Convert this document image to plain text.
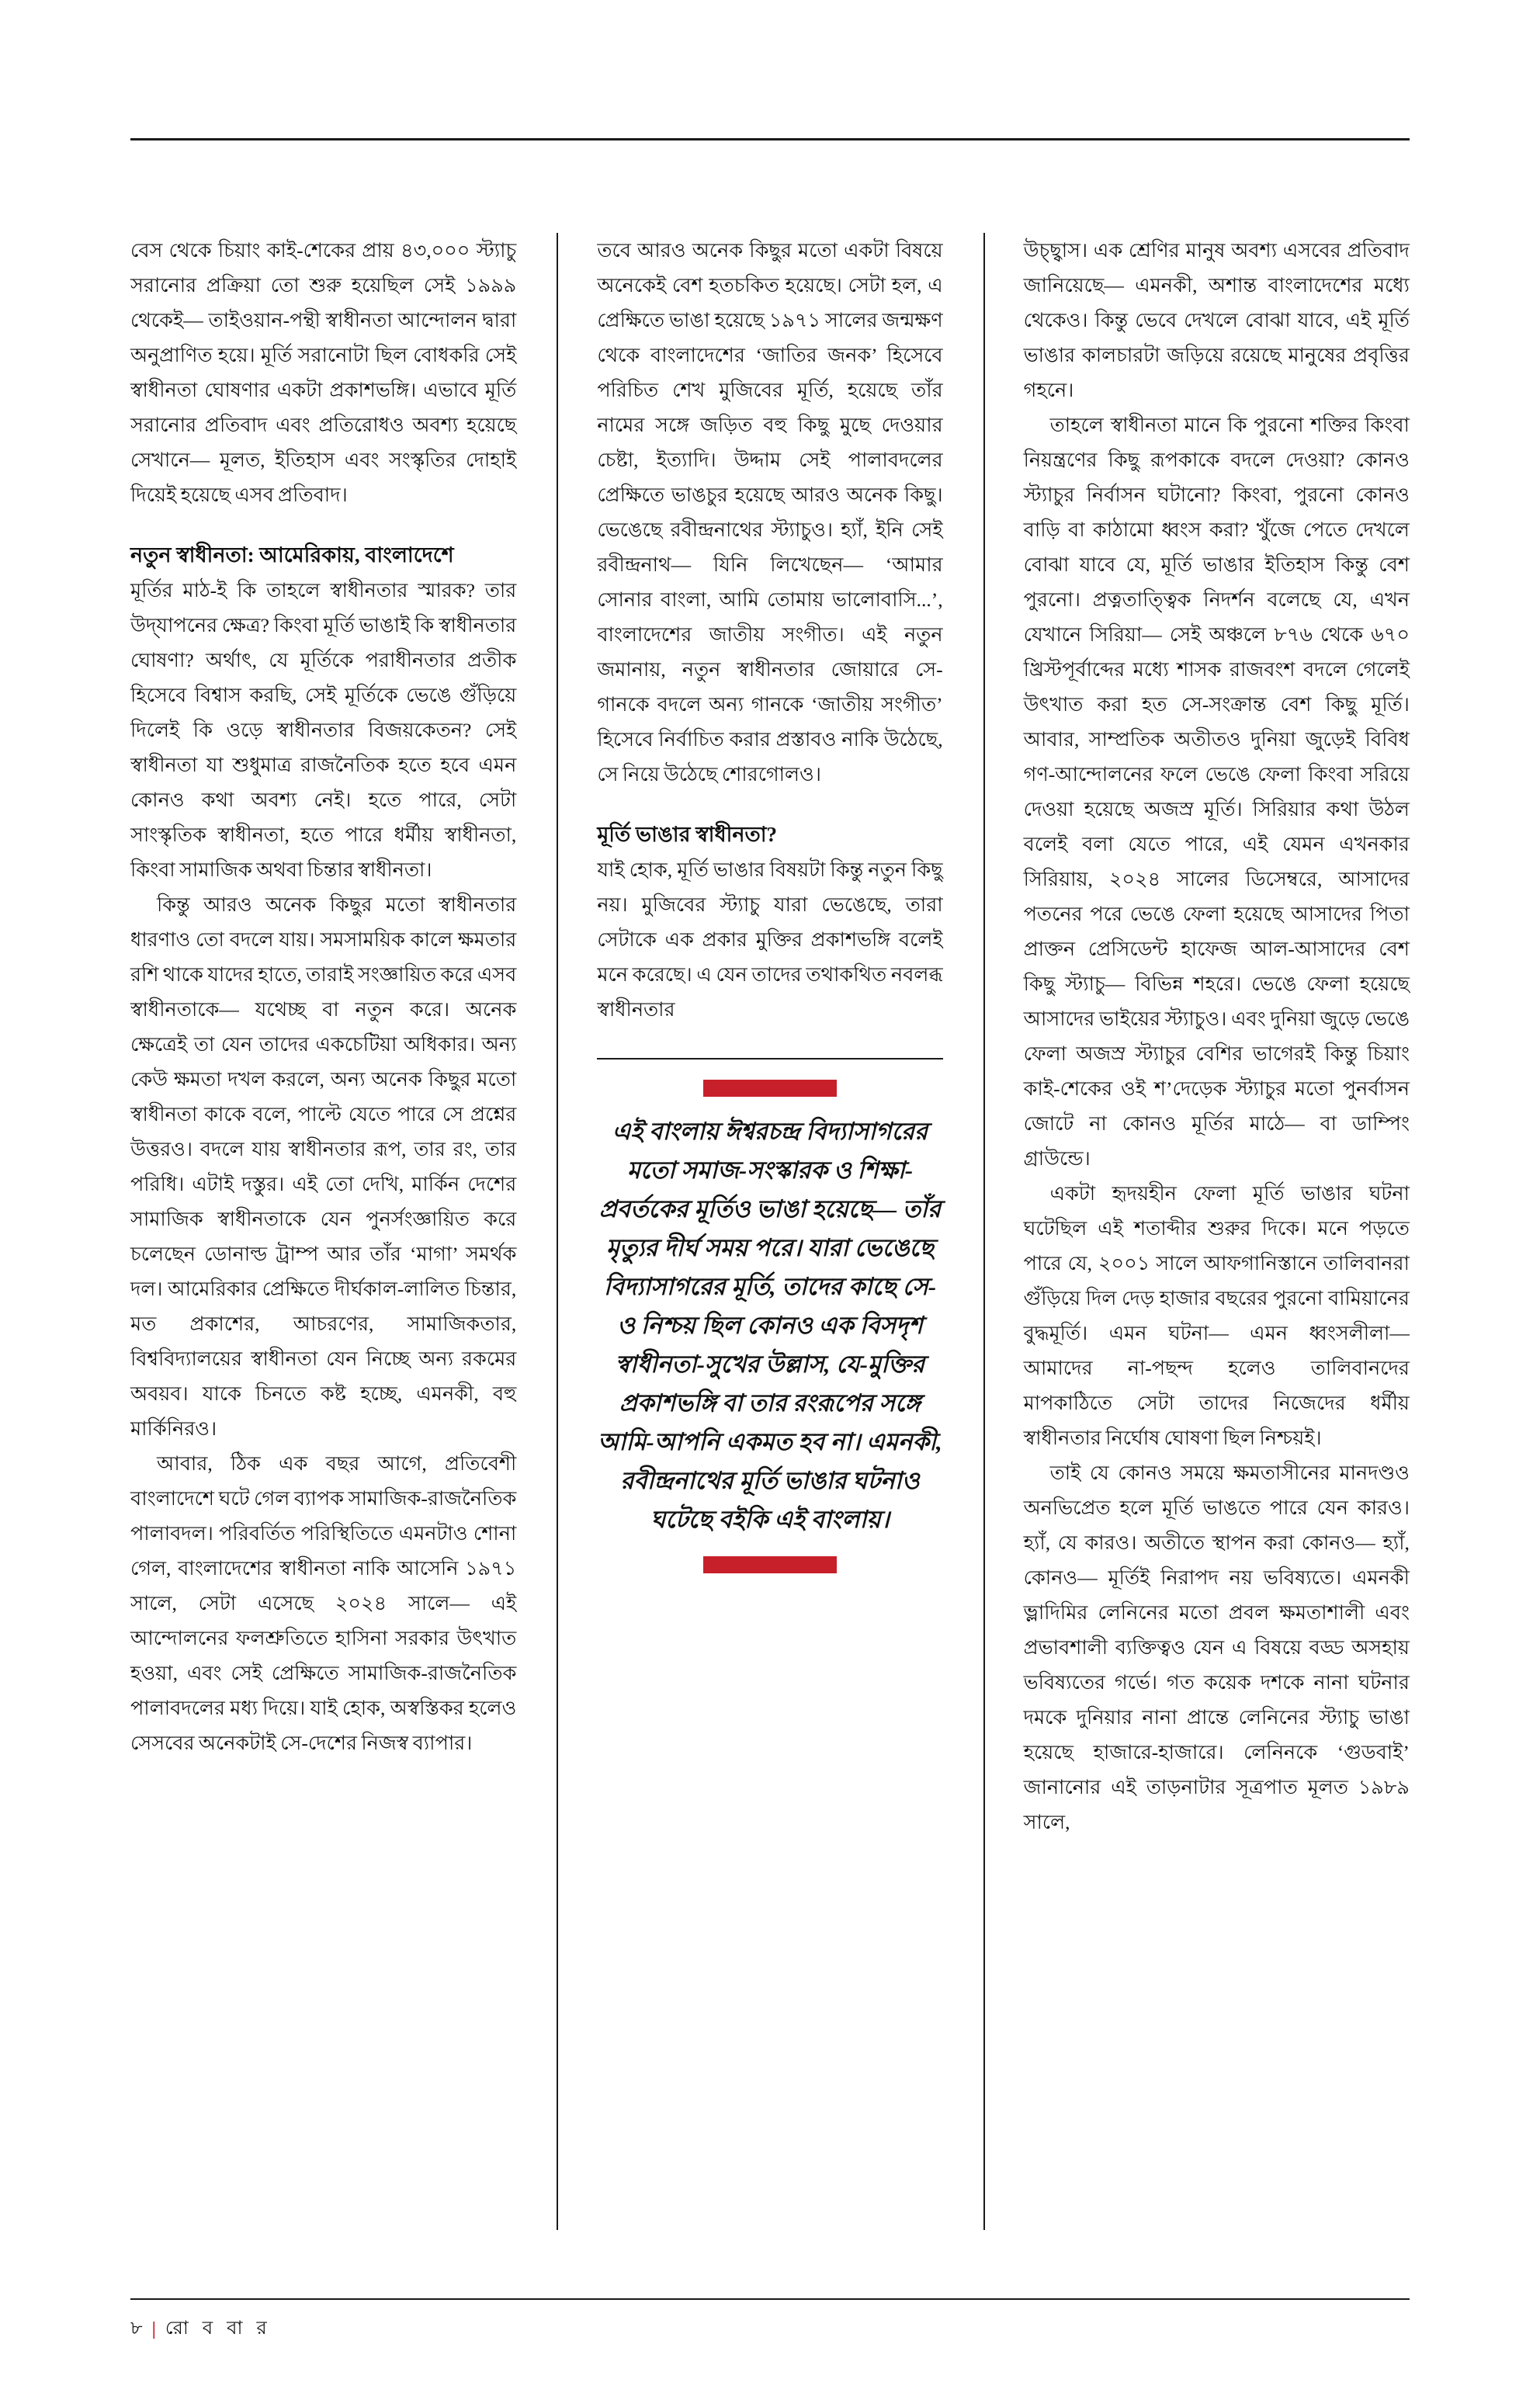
বেস থেকে চিয়াং কাই-শেকের প্রায় ৪৩,০০০ স্ট্যাচু সরানোর প্রক্রিয়া তো শুরু হয়েছিল সেই ১৯৯৯ থেকেই— তাইওয়ান-পন্থী স্বাধীনতা আন্দোলন দ্বারা অনুপ্রাণিত হয়ে। মূর্তি সরানোটা ছিল বোধকরি সেই স্বাধীনতা ঘোষণার একটা প্রকাশভঙ্গি। এভাবে মূর্তি সরানোর প্রতিবাদ এবং প্রতিরোধও অবশ্য হয়েছে সেখানে— মূলত, ইতিহাস এবং সংস্কৃতির দোহাই দিয়েই হয়েছে এসব প্রতিবাদ।

নতুন স্বাধীনতা: আমেরিকায়, বাংলাদেশে

মূর্তির মাঠ-ই কি তাহলে স্বাধীনতার স্মারক? তার উদ্‌যাপনের ক্ষেত্র? কিংবা মূর্তি ভাঙাই কি স্বাধীনতার ঘোষণা? অর্থাৎ, যে মূর্তিকে পরাধীনতার প্রতীক হিসেবে বিশ্বাস করছি, সেই মূর্তিকে ভেঙে গুঁড়িয়ে দিলেই কি ওড়ে স্বাধীনতার বিজয়কেতন? সেই স্বাধীনতা যা শুধুমাত্র রাজনৈতিক হতে হবে এমন কোনও কথা অবশ্য নেই। হতে পারে, সেটা সাংস্কৃতিক স্বাধীনতা, হতে পারে ধর্মীয় স্বাধীনতা, কিংবা সামাজিক অথবা চিন্তার স্বাধীনতা।

কিন্তু আরও অনেক কিছুর মতো স্বাধীনতার ধারণাও তো বদলে যায়। সমসাময়িক কালে ক্ষমতার রশি থাকে যাদের হাতে, তারাই সংজ্ঞায়িত করে এসব স্বাধীনতাকে— যথেচ্ছ বা নতুন করে। অনেক ক্ষেত্রেই তা যেন তাদের একচেটিয়া অধিকার। অন্য কেউ ক্ষমতা দখল করলে, অন্য অনেক কিছুর মতো স্বাধীনতা কাকে বলে, পাল্টে যেতে পারে সে প্রশ্নের উত্তরও। বদলে যায় স্বাধীনতার রূপ, তার রং, তার পরিধি। এটাই দস্তুর। এই তো দেখি, মার্কিন দেশের সামাজিক স্বাধীনতাকে যেন পুনর্সংজ্ঞায়িত করে চলেছেন ডোনাল্ড ট্রাম্প আর তাঁর ‘মাগা’ সমর্থক দল। আমেরিকার প্রেক্ষিতে দীর্ঘকাল-লালিত চিন্তার, মত প্রকাশের, আচরণের, সামাজিকতার, বিশ্ববিদ্যালয়ের স্বাধীনতা যেন নিচ্ছে অন্য রকমের অবয়ব। যাকে চিনতে কষ্ট হচ্ছে, এমনকী, বহু মার্কিনিরও।

আবার, ঠিক এক বছর আগে, প্রতিবেশী বাংলাদেশে ঘটে গেল ব্যাপক সামাজিক-রাজনৈতিক পালাবদল। পরিবর্তিত পরিস্থিতিতে এমনটাও শোনা গেল, বাংলাদেশের স্বাধীনতা নাকি আসেনি ১৯৭১ সালে, সেটা এসেছে ২০২৪ সালে— এই আন্দোলনের ফলশ্রুতিতে হাসিনা সরকার উৎখাত হওয়া, এবং সেই প্রেক্ষিতে সামাজিক-রাজনৈতিক পালাবদলের মধ্য দিয়ে। যাই হোক, অস্বস্তিকর হলেও সেসবের অনেকটাই সে-দেশের নিজস্ব ব্যাপার।

তবে আরও অনেক কিছুর মতো একটা বিষয়ে অনেকেই বেশ হতচকিত হয়েছে। সেটা হল, এ প্রেক্ষিতে ভাঙা হয়েছে ১৯৭১ সালের জন্মক্ষণ থেকে বাংলাদেশের ‘জাতির জনক’ হিসেবে পরিচিত শেখ মুজিবের মূর্তি, হয়েছে তাঁর নামের সঙ্গে জড়িত বহু কিছু মুছে দেওয়ার চেষ্টা, ইত্যাদি। উদ্দাম সেই পালাবদলের প্রেক্ষিতে ভাঙচুর হয়েছে আরও অনেক কিছু। ভেঙেছে রবীন্দ্রনাথের স্ট্যাচুও। হ্যাঁ, ইনি সেই রবীন্দ্রনাথ— যিনি লিখেছেন— ‘আমার সোনার বাংলা, আমি তোমায় ভালোবাসি...’, বাংলাদেশের জাতীয় সংগীত। এই নতুন জমানায়, নতুন স্বাধীনতার জোয়ারে সে-গানকে বদলে অন্য গানকে ‘জাতীয় সংগীত’ হিসেবে নির্বাচিত করার প্রস্তাবও নাকি উঠেছে, সে নিয়ে উঠেছে শোরগোলও।

মূর্তি ভাঙার স্বাধীনতা?

যাই হোক, মূর্তি ভাঙার বিষয়টা কিন্তু নতুন কিছু নয়। মুজিবের স্ট্যাচু যারা ভেঙেছে, তারা সেটাকে এক প্রকার মুক্তির প্রকাশভঙ্গি বলেই মনে করেছে। এ যেন তাদের তথাকথিত নবলব্ধ স্বাধীনতার

এই বাংলায় ঈশ্বরচন্দ্র বিদ্যাসাগরের মতো সমাজ-সংস্কারক ও শিক্ষা-প্রবর্তকের মূর্তিও ভাঙা হয়েছে— তাঁর মৃত্যুর দীর্ঘ সময় পরে। যারা ভেঙেছে বিদ্যাসাগরের মূর্তি, তাদের কাছে সে-ও নিশ্চয় ছিল কোনও এক বিসদৃশ স্বাধীনতা-সুখের উল্লাস, যে-মুক্তির প্রকাশভঙ্গি বা তার রংরূপের সঙ্গে আমি-আপনি একমত হব না। এমনকী, রবীন্দ্রনাথের মূর্তি ভাঙার ঘটনাও ঘটেছে বইকি এই বাংলায়।

উচ্ছ্বাস। এক শ্রেণির মানুষ অবশ্য এসবের প্রতিবাদ জানিয়েছে— এমনকী, অশান্ত বাংলাদেশের মধ্যে থেকেও। কিন্তু ভেবে দেখলে বোঝা যাবে, এই মূর্তি ভাঙার কালচারটা জড়িয়ে রয়েছে মানুষের প্রবৃত্তির গহনে।

তাহলে স্বাধীনতা মানে কি পুরনো শক্তির কিংবা নিয়ন্ত্রণের কিছু রূপকাকে বদলে দেওয়া? কোনও স্ট্যাচুর নির্বাসন ঘটানো? কিংবা, পুরনো কোনও বাড়ি বা কাঠামো ধ্বংস করা? খুঁজে পেতে দেখলে বোঝা যাবে যে, মূর্তি ভাঙার ইতিহাস কিন্তু বেশ পুরনো। প্রত্নতাত্ত্বিক নিদর্শন বলেছে যে, এখন যেখানে সিরিয়া— সেই অঞ্চলে ৮৭৬ থেকে ৬৭০ খ্রিস্টপূর্বাব্দের মধ্যে শাসক রাজবংশ বদলে গেলেই উৎখাত করা হত সে-সংক্রান্ত বেশ কিছু মূর্তি। আবার, সাম্প্রতিক অতীতও দুনিয়া জুড়েই বিবিধ গণ-আন্দোলনের ফলে ভেঙে ফেলা কিংবা সরিয়ে দেওয়া হয়েছে অজস্র মূর্তি। সিরিয়ার কথা উঠল বলেই বলা যেতে পারে, এই যেমন এখনকার সিরিয়ায়, ২০২৪ সালের ডিসেম্বরে, আসাদের পতনের পরে ভেঙে ফেলা হয়েছে আসাদের পিতা প্রাক্তন প্রেসিডেন্ট হাফেজ আল-আসাদের বেশ কিছু স্ট্যাচু— বিভিন্ন শহরে। ভেঙে ফেলা হয়েছে আসাদের ভাইয়ের স্ট্যাচুও। এবং দুনিয়া জুড়ে ভেঙে ফেলা অজস্র স্ট্যাচুর বেশির ভাগেরই কিন্তু চিয়াং কাই-শেকের ওই শ’দেড়েক স্ট্যাচুর মতো পুনর্বাসন জোটে না কোনও মূর্তির মাঠে— বা ডাম্পিং গ্রাউন্ডে।

একটা হৃদয়হীন ফেলা মূর্তি ভাঙার ঘটনা ঘটেছিল এই শতাব্দীর শুরুর দিকে। মনে পড়তে পারে যে, ২০০১ সালে আফগানিস্তানে তালিবানরা গুঁড়িয়ে দিল দেড় হাজার বছরের পুরনো বামিয়ানের বুদ্ধমূর্তি। এমন ঘটনা— এমন ধ্বংসলীলা— আমাদের না-পছন্দ হলেও তালিবানদের মাপকাঠিতে সেটা তাদের নিজেদের ধর্মীয় স্বাধীনতার নির্ঘোষ ঘোষণা ছিল নিশ্চয়ই।

তাই যে কোনও সময়ে ক্ষমতাসীনের মানদণ্ডও অনভিপ্রেত হলে মূর্তি ভাঙতে পারে যেন কারও। হ্যাঁ, যে কারও। অতীতে স্থাপন করা কোনও— হ্যাঁ, কোনও— মূর্তিই নিরাপদ নয় ভবিষ্যতে। এমনকী ভ্লাদিমির লেনিনের মতো প্রবল ক্ষমতাশালী এবং প্রভাবশালী ব্যক্তিত্বও যেন এ বিষয়ে বড্ড অসহায় ভবিষ্যতের গর্ভে। গত কয়েক দশকে নানা ঘটনার দমকে দুনিয়ার নানা প্রান্তে লেনিনের স্ট্যাচু ভাঙা হয়েছে হাজারে-হাজারে। লেনিনকে ‘গুডবাই’ জানানোর এই তাড়নাটার সূত্রপাত মূলত ১৯৮৯ সালে,

৮ | রো ব বা র
